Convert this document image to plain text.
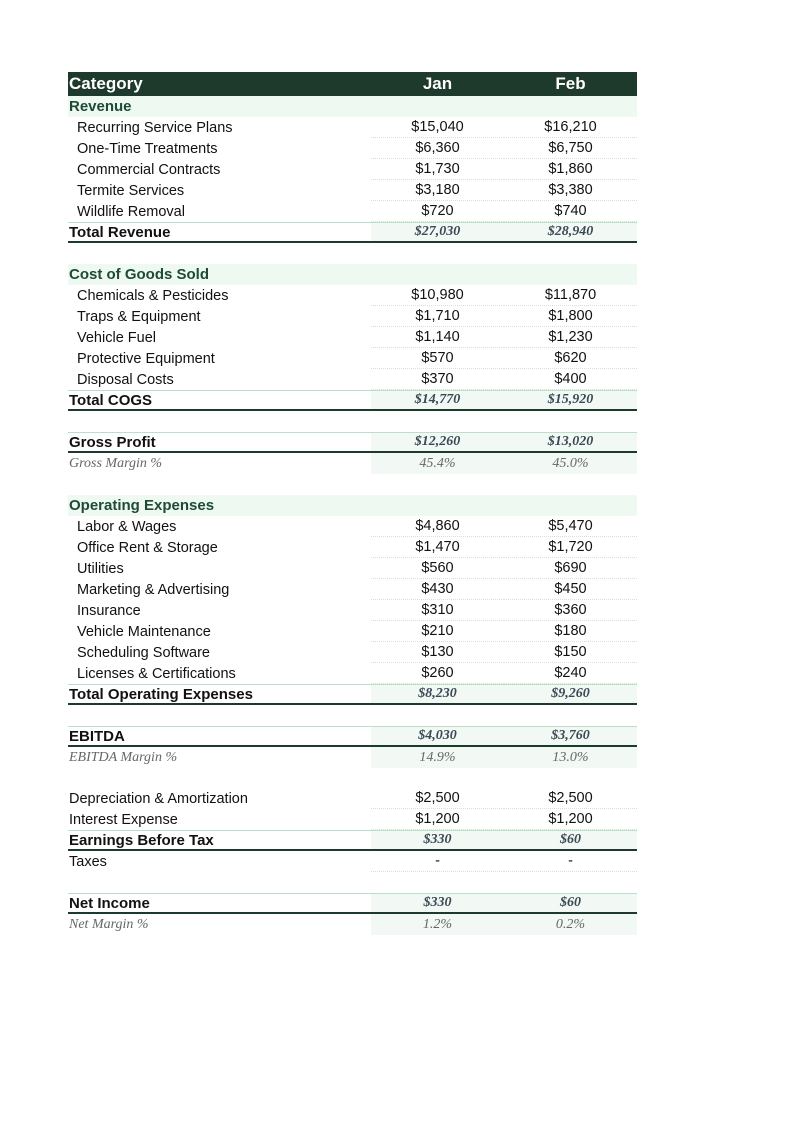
Category	Jan	Feb
Revenue
Recurring Service Plans	$15,040	$16,210
One-Time Treatments	$6,360	$6,750
Commercial Contracts	$1,730	$1,860
Termite Services	$3,180	$3,380
Wildlife Removal	$720	$740
Total Revenue	$27,030	$28,940
Cost of Goods Sold
Chemicals & Pesticides	$10,980	$11,870
Traps & Equipment	$1,710	$1,800
Vehicle Fuel	$1,140	$1,230
Protective Equipment	$570	$620
Disposal Costs	$370	$400
Total COGS	$14,770	$15,920
Gross Profit	$12,260	$13,020
Gross Margin %	45.4%	45.0%
Operating Expenses
Labor & Wages	$4,860	$5,470
Office Rent & Storage	$1,470	$1,720
Utilities	$560	$690
Marketing & Advertising	$430	$450
Insurance	$310	$360
Vehicle Maintenance	$210	$180
Scheduling Software	$130	$150
Licenses & Certifications	$260	$240
Total Operating Expenses	$8,230	$9,260
EBITDA	$4,030	$3,760
EBITDA Margin %	14.9%	13.0%
Depreciation & Amortization	$2,500	$2,500
Interest Expense	$1,200	$1,200
Earnings Before Tax	$330	$60
Taxes	-	-
Net Income	$330	$60
Net Margin %	1.2%	0.2%
